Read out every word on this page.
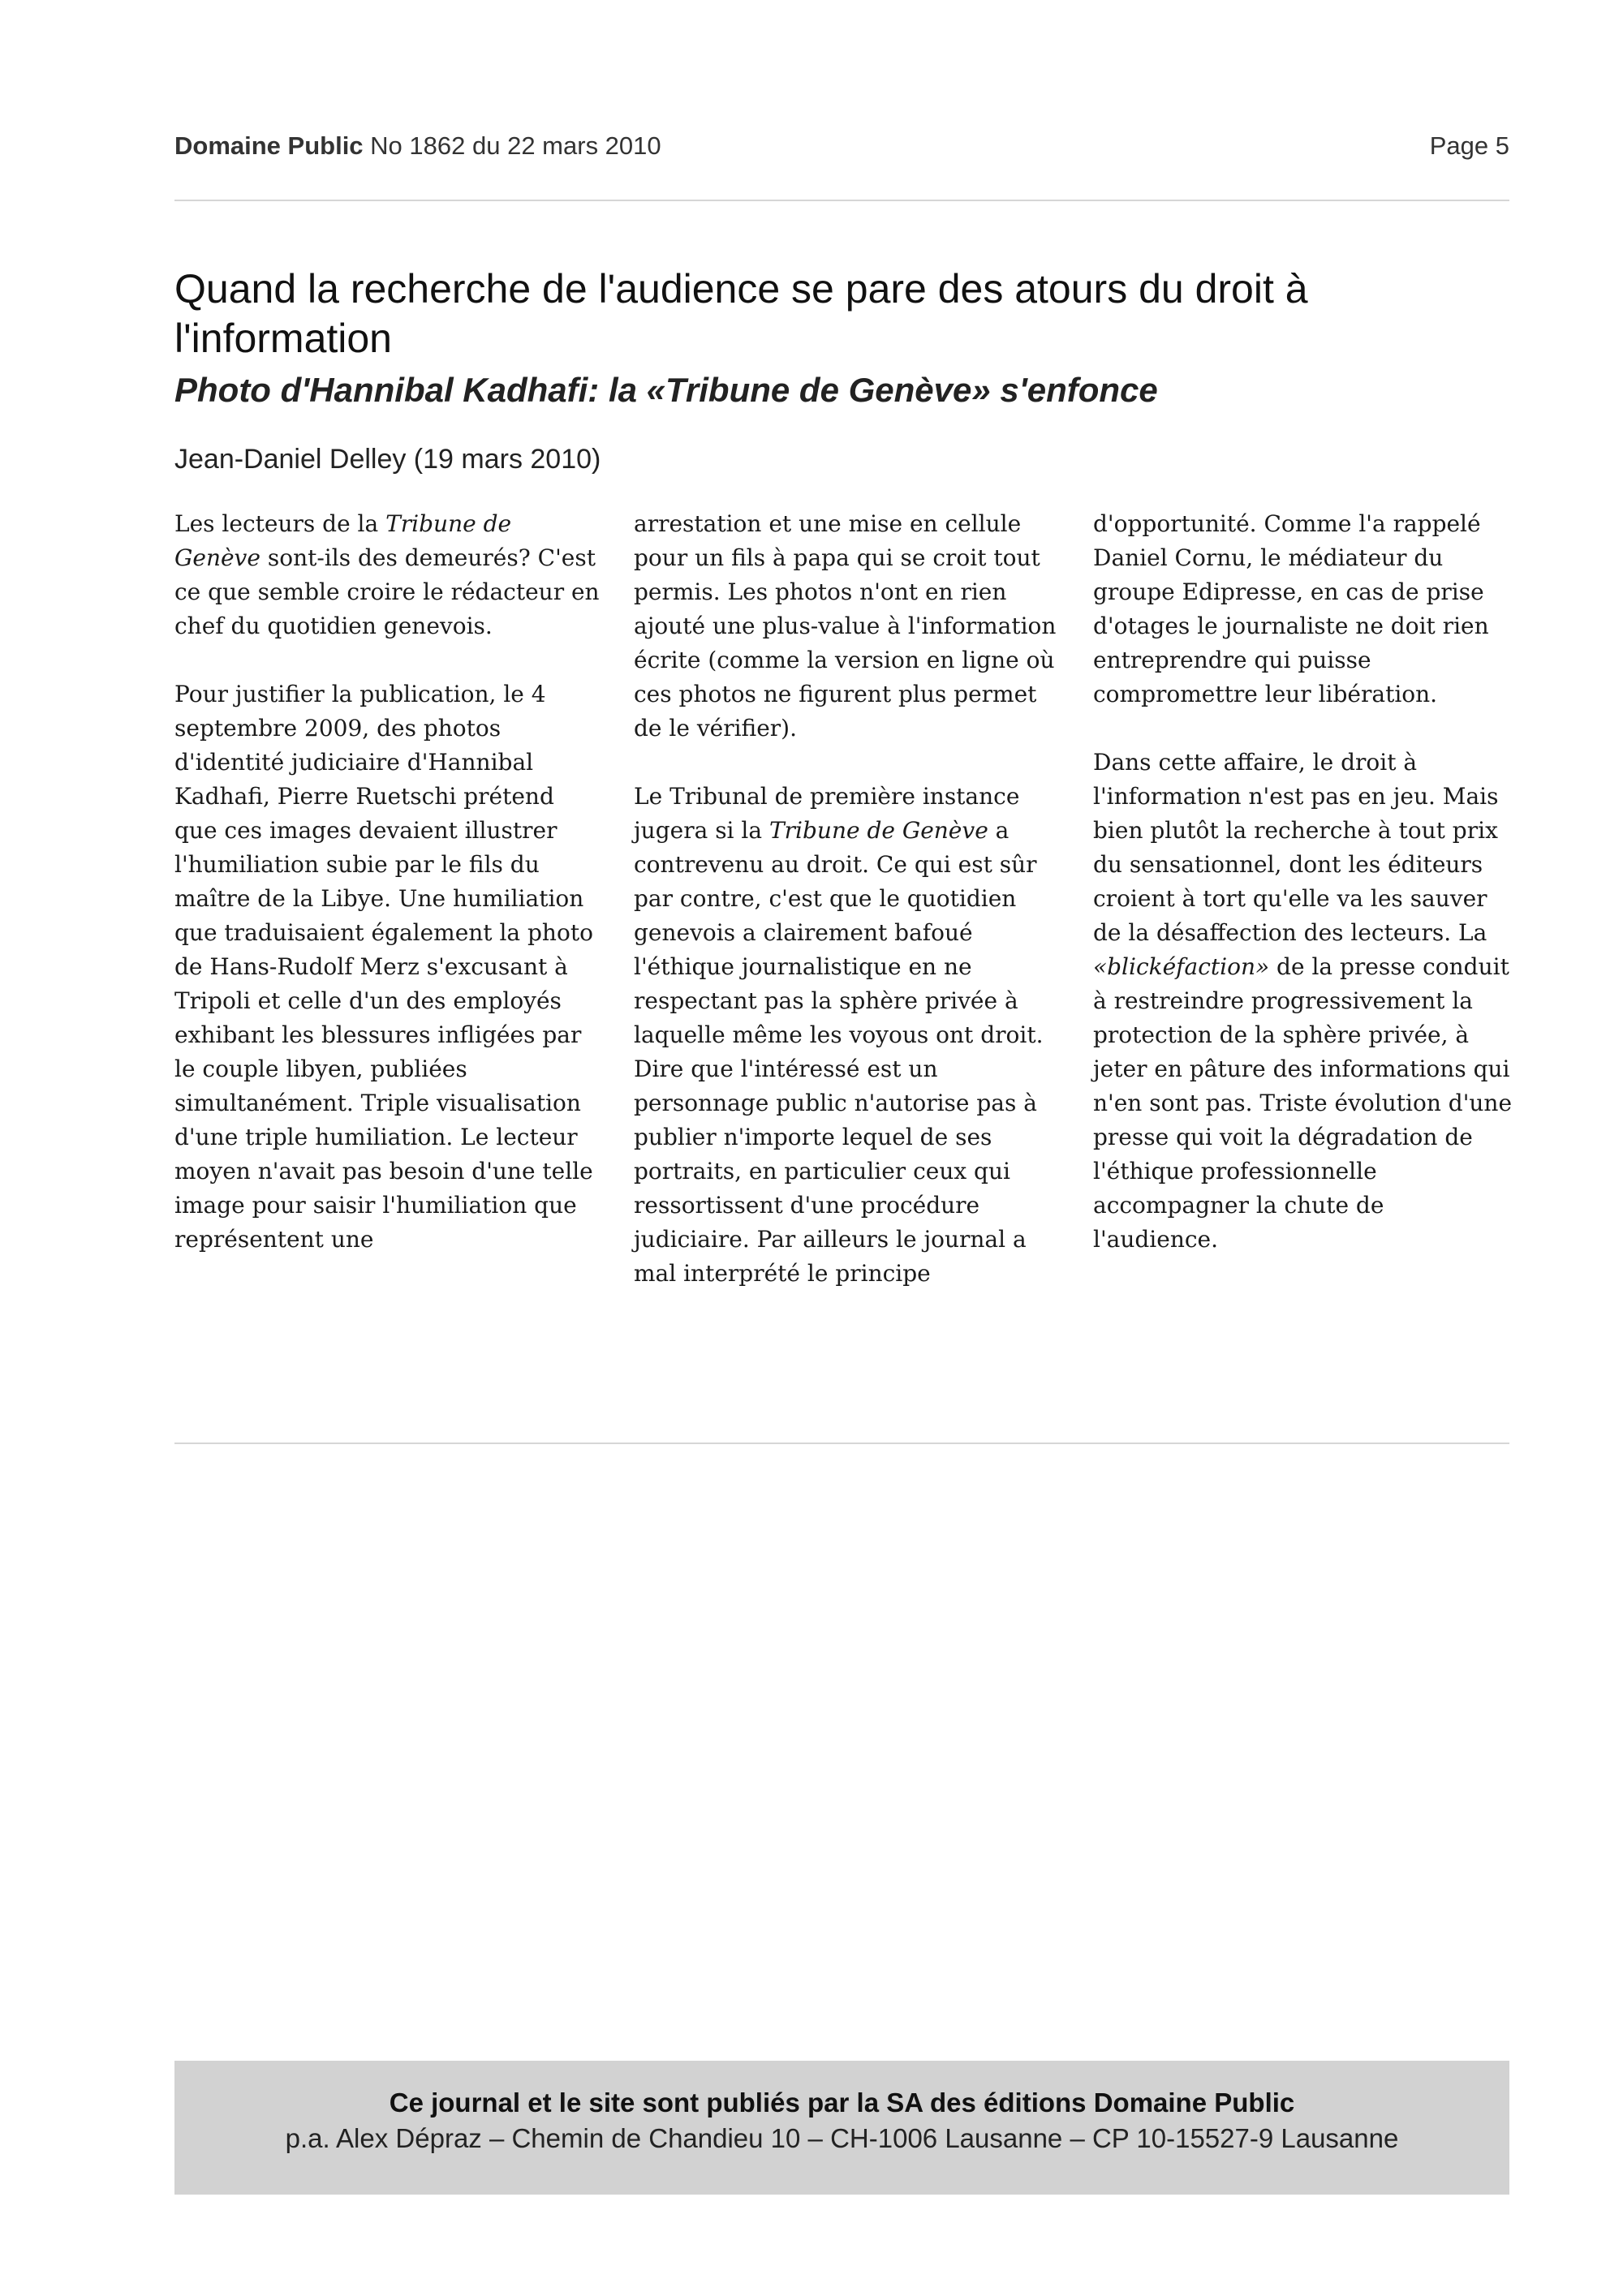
Domaine Public No 1862 du 22 mars 2010	Page 5
Quand la recherche de l'audience se pare des atours du droit à l'information
Photo d'Hannibal Kadhafi: la «Tribune de Genève» s'enfonce
Jean-Daniel Delley (19 mars 2010)

Les lecteurs de la Tribune de Genève sont-ils des demeurés? C'est ce que semble croire le rédacteur en chef du quotidien genevois.

Pour justifier la publication, le 4 septembre 2009, des photos d'identité judiciaire d'Hannibal Kadhafi, Pierre Ruetschi prétend que ces images devaient illustrer l'humiliation subie par le fils du maître de la Libye. Une humiliation que traduisaient également la photo de Hans-Rudolf Merz s'excusant à Tripoli et celle d'un des employés exhibant les blessures infligées par le couple libyen, publiées simultanément. Triple visualisation d'une triple humiliation. Le lecteur moyen n'avait pas besoin d'une telle image pour saisir l'humiliation que représentent une

arrestation et une mise en cellule pour un fils à papa qui se croit tout permis. Les photos n'ont en rien ajouté une plus-value à l'information écrite (comme la version en ligne où ces photos ne figurent plus permet de le vérifier).

Le Tribunal de première instance jugera si la Tribune de Genève a contrevenu au droit. Ce qui est sûr par contre, c'est que le quotidien genevois a clairement bafoué l'éthique journalistique en ne respectant pas la sphère privée à laquelle même les voyous ont droit. Dire que l'intéressé est un personnage public n'autorise pas à publier n'importe lequel de ses portraits, en particulier ceux qui ressortissent d'une procédure judiciaire. Par ailleurs le journal a mal interprété le principe

d'opportunité. Comme l'a rappelé Daniel Cornu, le médiateur du groupe Edipresse, en cas de prise d'otages le journaliste ne doit rien entreprendre qui puisse compromettre leur libération.

Dans cette affaire, le droit à l'information n'est pas en jeu. Mais bien plutôt la recherche à tout prix du sensationnel, dont les éditeurs croient à tort qu'elle va les sauver de la désaffection des lecteurs. La «blickéfaction» de la presse conduit à restreindre progressivement la protection de la sphère privée, à jeter en pâture des informations qui n'en sont pas. Triste évolution d'une presse qui voit la dégradation de l'éthique professionnelle accompagner la chute de l'audience.

Ce journal et le site sont publiés par la SA des éditions Domaine Public
p.a. Alex Dépraz – Chemin de Chandieu 10 – CH-1006 Lausanne – CP 10-15527-9 Lausanne
